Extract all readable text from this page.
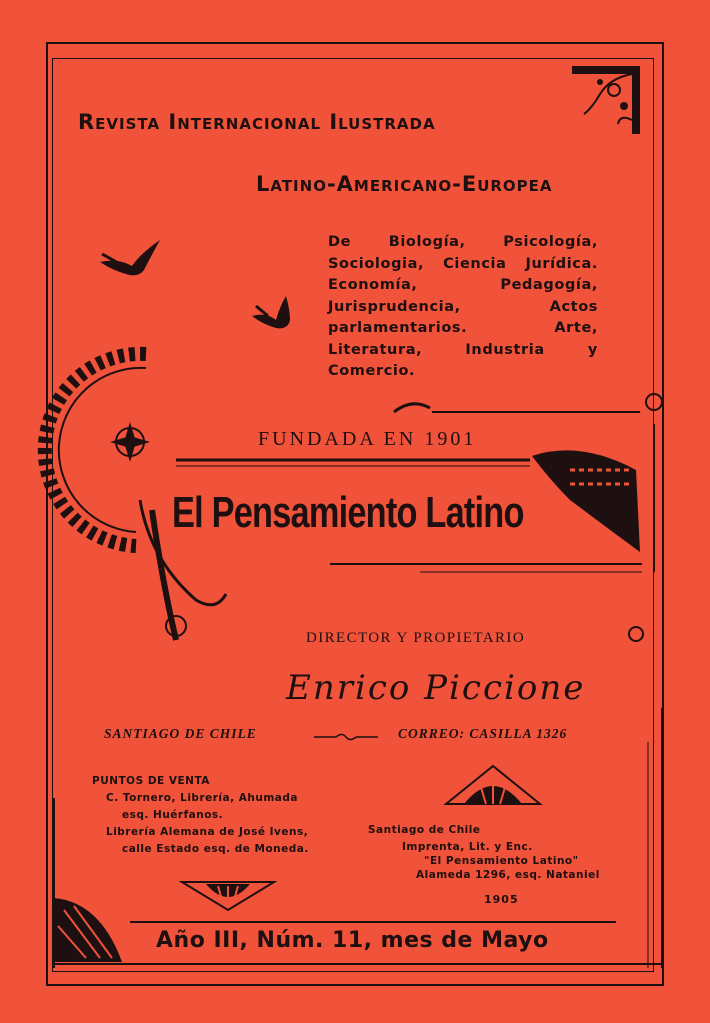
Revista Internacional Ilustrada
Latino-Americano-Europea

De Biología, Psicología, Sociologia, Ciencia Jurídica. Economía, Pedagogía, Jurisprudencia, Actos parlamentarios. Arte, Literatura, Industria y Comercio.

FUNDADA EN 1901

El Pensamiento Latino

DIRECTOR Y PROPIETARIO

Enrico Piccione

SANTIAGO DE CHILE	CORREO: CASILLA 1326

PUNTOS DE VENTA

C. Tornero, Librería, Ahumada

esq. Huérfanos.

Librería Alemana de José Ivens,

calle Estado esq. de Moneda.

Santiago de Chile

Imprenta, Lit. y Enc.

"El Pensamiento Latino"

Alameda 1296, esq. Nataniel

1905

Año III, Núm. 11, mes de Mayo
